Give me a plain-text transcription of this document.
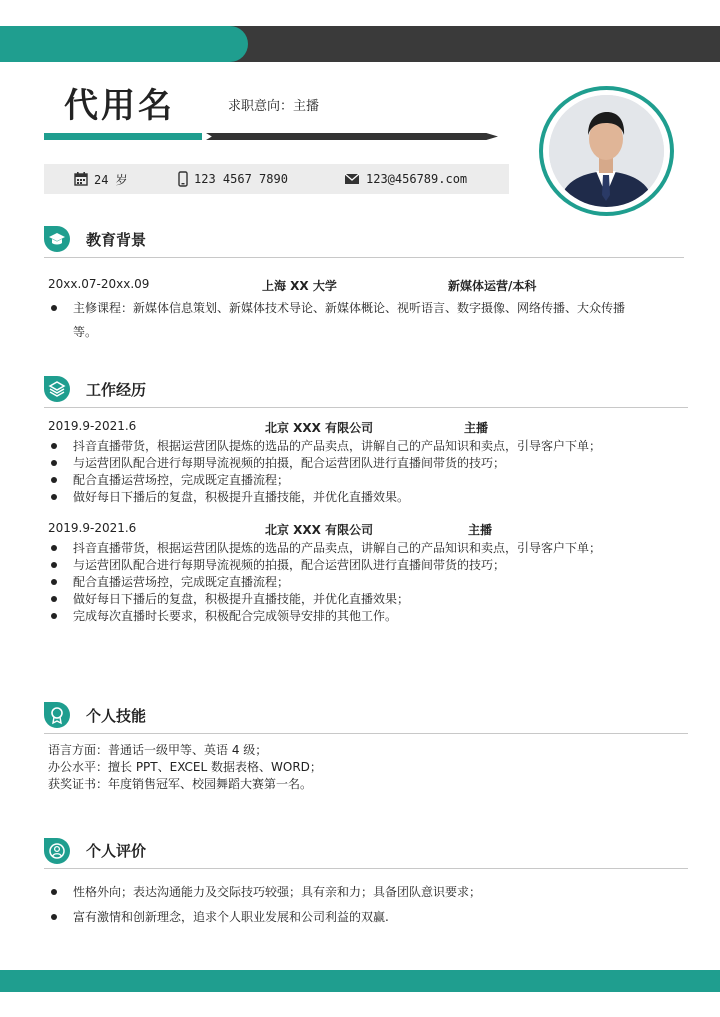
代用名	求职意向：主播
24 岁	123 4567 7890	123@456789.com
教育背景
20xx.07-20xx.09	上海 XX 大学	新媒体运营/本科
主修课程：新媒体信息策划、新媒体技术导论、新媒体概论、视听语言、数字摄像、网络传播、大众传播
等。
工作经历
2019.9-2021.6	北京 XXX 有限公司	主播
抖音直播带货，根据运营团队提炼的选品的产品卖点，讲解自己的产品知识和卖点，引导客户下单；
与运营团队配合进行每期导流视频的拍摄，配合运营团队进行直播间带货的技巧；
配合直播运营场控，完成既定直播流程；
做好每日下播后的复盘，积极提升直播技能，并优化直播效果。
2019.9-2021.6	北京 XXX 有限公司	主播
抖音直播带货，根据运营团队提炼的选品的产品卖点，讲解自己的产品知识和卖点，引导客户下单；
与运营团队配合进行每期导流视频的拍摄，配合运营团队进行直播间带货的技巧；
配合直播运营场控，完成既定直播流程；
做好每日下播后的复盘，积极提升直播技能，并优化直播效果；
完成每次直播时长要求，积极配合完成领导安排的其他工作。
个人技能
语言方面：普通话一级甲等、英语 4 级；
办公水平：擅长 PPT、EXCEL 数据表格、WORD；
获奖证书：年度销售冠军、校园舞蹈大赛第一名。
个人评价
性格外向；表达沟通能力及交际技巧较强；具有亲和力；具备团队意识要求；
富有激情和创新理念，追求个人职业发展和公司利益的双赢.
